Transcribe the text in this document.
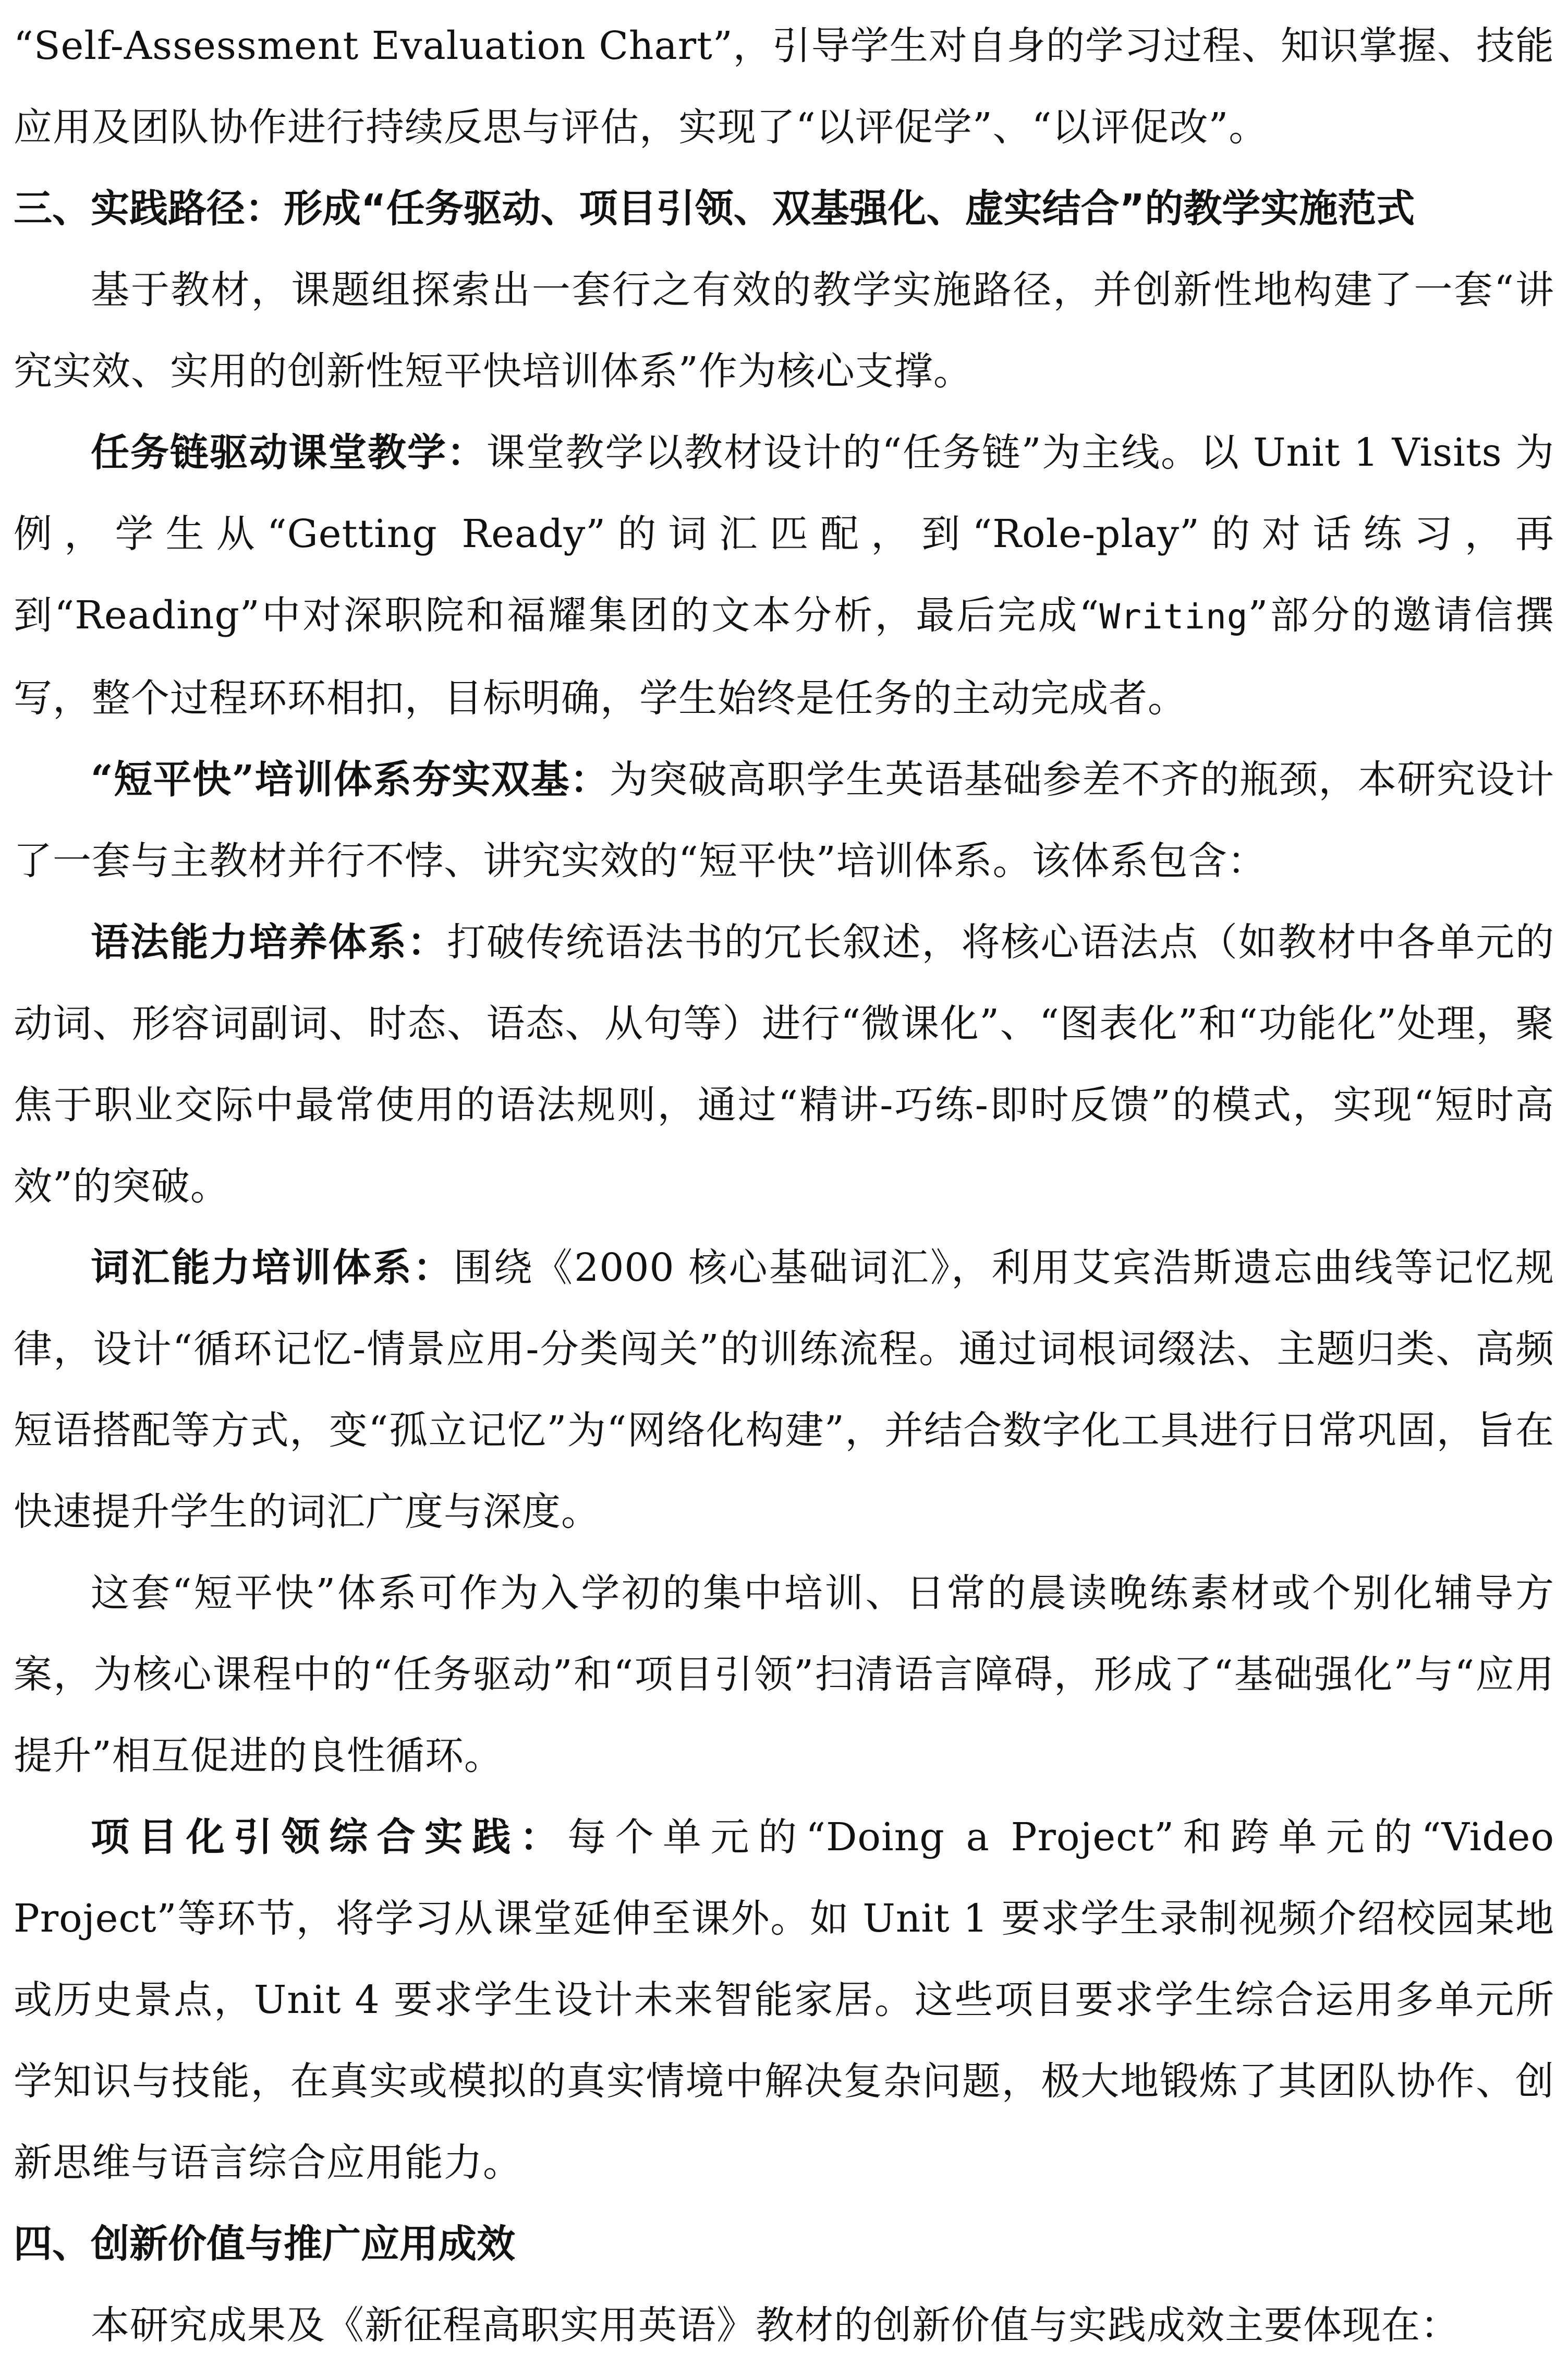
“Self-Assessment Evaluation Chart”，引导学生对自身的学习过程、知识掌握、技能应用及团队协作进行持续反思与评估，实现了“以评促学”、“以评促改”。

三、实践路径：形成“任务驱动、项目引领、双基强化、虚实结合”的教学实施范式

基于教材，课题组探索出一套行之有效的教学实施路径，并创新性地构建了一套“讲究实效、实用的创新性短平快培训体系”作为核心支撑。

任务链驱动课堂教学：课堂教学以教材设计的“任务链”为主线。以 Unit 1 Visits 为例，学生从“Getting Ready”的词汇匹配，到“Role-play”的对话练习，再到“Reading”中对深职院和福耀集团的文本分析，最后完成“Writing”部分的邀请信撰写，整个过程环环相扣，目标明确，学生始终是任务的主动完成者。

“短平快”培训体系夯实双基：为突破高职学生英语基础参差不齐的瓶颈，本研究设计了一套与主教材并行不悖、讲究实效的“短平快”培训体系。该体系包含：

语法能力培养体系：打破传统语法书的冗长叙述，将核心语法点（如教材中各单元的动词、形容词副词、时态、语态、从句等）进行“微课化”、“图表化”和“功能化”处理，聚焦于职业交际中最常使用的语法规则，通过“精讲-巧练-即时反馈”的模式，实现“短时高效”的突破。

词汇能力培训体系：围绕《2000 核心基础词汇》，利用艾宾浩斯遗忘曲线等记忆规律，设计“循环记忆-情景应用-分类闯关”的训练流程。通过词根词缀法、主题归类、高频短语搭配等方式，变“孤立记忆”为“网络化构建”，并结合数字化工具进行日常巩固，旨在快速提升学生的词汇广度与深度。

这套“短平快”体系可作为入学初的集中培训、日常的晨读晚练素材或个别化辅导方案，为核心课程中的“任务驱动”和“项目引领”扫清语言障碍，形成了“基础强化”与“应用提升”相互促进的良性循环。

项目化引领综合实践：每个单元的“Doing a Project”和跨单元的“Video Project”等环节，将学习从课堂延伸至课外。如 Unit 1 要求学生录制视频介绍校园某地或历史景点，Unit 4 要求学生设计未来智能家居。这些项目要求学生综合运用多单元所学知识与技能，在真实或模拟的真实情境中解决复杂问题，极大地锻炼了其团队协作、创新思维与语言综合应用能力。

四、创新价值与推广应用成效

本研究成果及《新征程高职实用英语》教材的创新价值与实践成效主要体现在：
